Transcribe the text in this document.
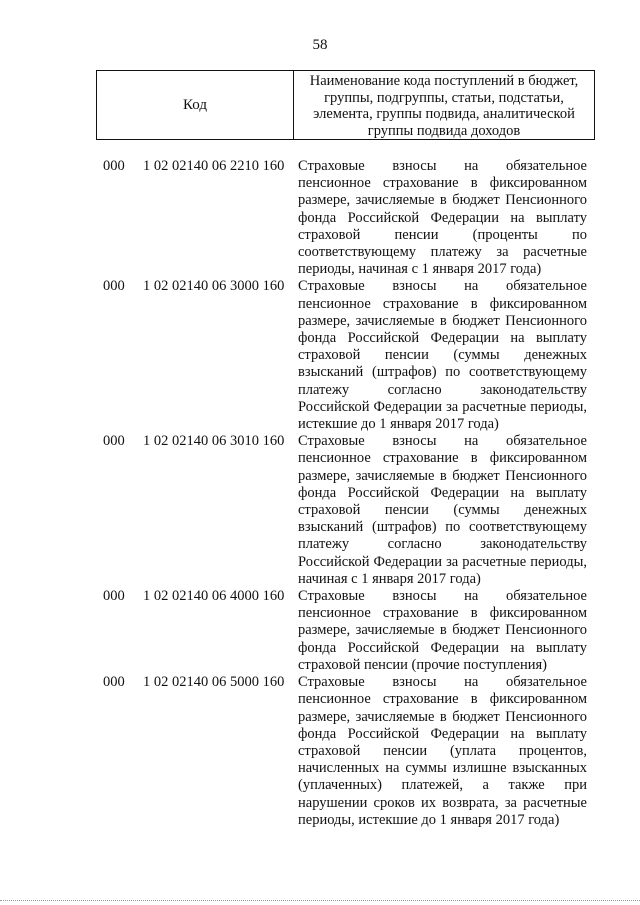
58
Код
Наименование кода поступлений в бюджет,
группы, подгруппы, статьи, подстатьи,
элемента, группы подвида, аналитической
группы подвида доходов
000 1 02 02140 06 2210 160 Страховые взносы на обязательное
пенсионное страхование в фиксированном
размере, зачисляемые в бюджет Пенсионного
фонда Российской Федерации на выплату
страховой пенсии (проценты по
соответствующему платежу за расчетные
периоды, начиная с 1 января 2017 года)
000 1 02 02140 06 3000 160 Страховые взносы на обязательное
пенсионное страхование в фиксированном
размере, зачисляемые в бюджет Пенсионного
фонда Российской Федерации на выплату
страховой пенсии (суммы денежных
взысканий (штрафов) по соответствующему
платежу согласно законодательству
Российской Федерации за расчетные периоды,
истекшие до 1 января 2017 года)
000 1 02 02140 06 3010 160 Страховые взносы на обязательное
пенсионное страхование в фиксированном
размере, зачисляемые в бюджет Пенсионного
фонда Российской Федерации на выплату
страховой пенсии (суммы денежных
взысканий (штрафов) по соответствующему
платежу согласно законодательству
Российской Федерации за расчетные периоды,
начиная с 1 января 2017 года)
000 1 02 02140 06 4000 160 Страховые взносы на обязательное
пенсионное страхование в фиксированном
размере, зачисляемые в бюджет Пенсионного
фонда Российской Федерации на выплату
страховой пенсии (прочие поступления)
000 1 02 02140 06 5000 160 Страховые взносы на обязательное
пенсионное страхование в фиксированном
размере, зачисляемые в бюджет Пенсионного
фонда Российской Федерации на выплату
страховой пенсии (уплата процентов,
начисленных на суммы излишне взысканных
(уплаченных) платежей, а также при
нарушении сроков их возврата, за расчетные
периоды, истекшие до 1 января 2017 года)
